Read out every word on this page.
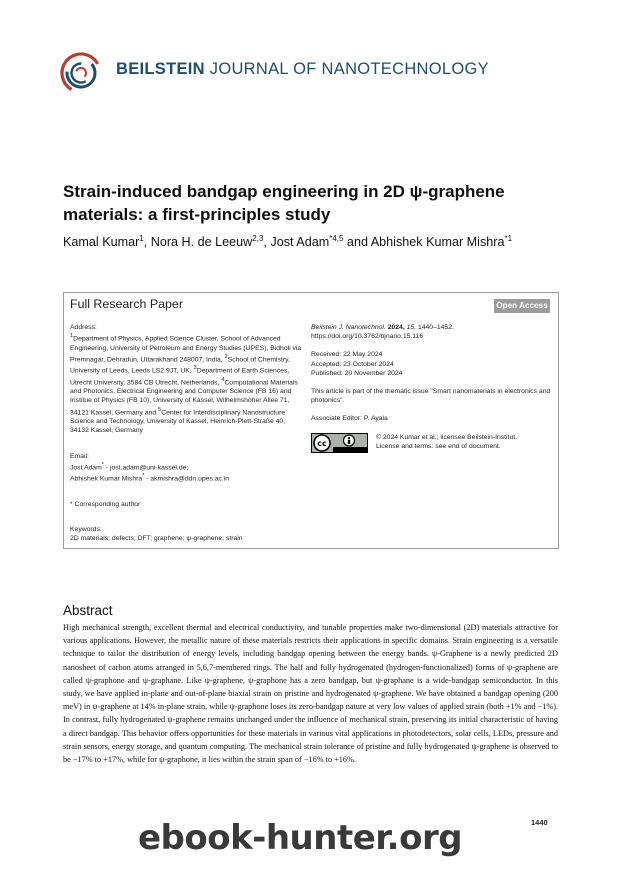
BEILSTEIN JOURNAL OF NANOTECHNOLOGY
Strain-induced bandgap engineering in 2D ψ-graphene materials: a first-principles study
Kamal Kumar$^1$, Nora H. de Leeuw$^{2,3}$, Jost Adam$^{*4,5}$ and Abhishek Kumar Mishra$^{*1}$
Full Research Paper	Open Access
Address:
$^1$Department of Physics, Applied Science Cluster, School of Advanced Engineering, University of Petroleum and Energy Studies (UPES), Bidholi via Premnagar, Dehradun, Uttarakhand 248007, India, $^2$School of Chemistry, University of Leeds, Leeds LS2 9JT, UK, $^3$Department of Earth Sciences, Utrecht University, 3584 CB Utrecht, Netherlands, $^4$Computational Materials and Photonics, Electrical Engineering and Computer Science (FB 16) and Institue of Physics (FB 10), University of Kassel, Wilhelmshöher Allee 71, 34121 Kassel, Germany and $^5$Center for Interdisciplinary Nanostructure Science and Technology, University of Kassel, Heinrich-Plett-Straße 40, 34132 Kassel, Germany
Email:
Jost Adam* - jost.adam@uni-kassel.de;
Abhishek Kumar Mishra* - akmishra@ddn.upes.ac.in
* Corresponding author
Keywords:
2D materials; defects; DFT; graphene; ψ-graphene; strain
Beilstein J. Nanotechnol. 2024, 15, 1440–1452.
https://doi.org/10.3762/bjnano.15.116
Received: 22 May 2024
Accepted: 23 October 2024
Published: 20 November 2024
This article is part of the thematic issue "Smart nanomaterials in electronics and photonics".
Associate Editor: P. Ayala
cc
© 2024 Kumar et al.; licensee Beilstein-Institut.
License and terms: see end of document.
Abstract
High mechanical strength, excellent thermal and electrical conductivity, and tunable properties make two-dimensional (2D) materials attractive for various applications. However, the metallic nature of these materials restricts their applications in specific domains. Strain engineering is a versatile technique to tailor the distribution of energy levels, including bandgap opening between the energy bands. ψ-Graphene is a newly predicted 2D nanosheet of carbon atoms arranged in 5,6,7-membered rings. The half and fully hydrogenated (hydrogen-functionalized) forms of ψ-graphene are called ψ-graphone and ψ-graphane. Like ψ-graphene, ψ-graphone has a zero bandgap, but ψ-graphane is a wide-bandgap semiconductor. In this study, we have applied in-plane and out-of-plane biaxial strain on pristine and hydrogenated ψ-graphene. We have obtained a bandgap opening (200 meV) in ψ-graphene at 14% in-plane strain, while ψ-graphone loses its zero-bandgap nature at very low values of applied strain (both +1% and −1%). In contrast, fully hydrogenated ψ-graphene remains unchanged under the influence of mechanical strain, preserving its initial characteristic of having a direct bandgap. This behavior offers opportunities for these materials in various vital applications in photodetectors, solar cells, LEDs, pressure and strain sensors, energy storage, and quantum computing. The mechanical strain tolerance of pristine and fully hydrogenated ψ-graphene is observed to be −17% to +17%, while for ψ-graphone, it lies within the strain span of −16% to +16%.
1440
ebook-hunter.org
